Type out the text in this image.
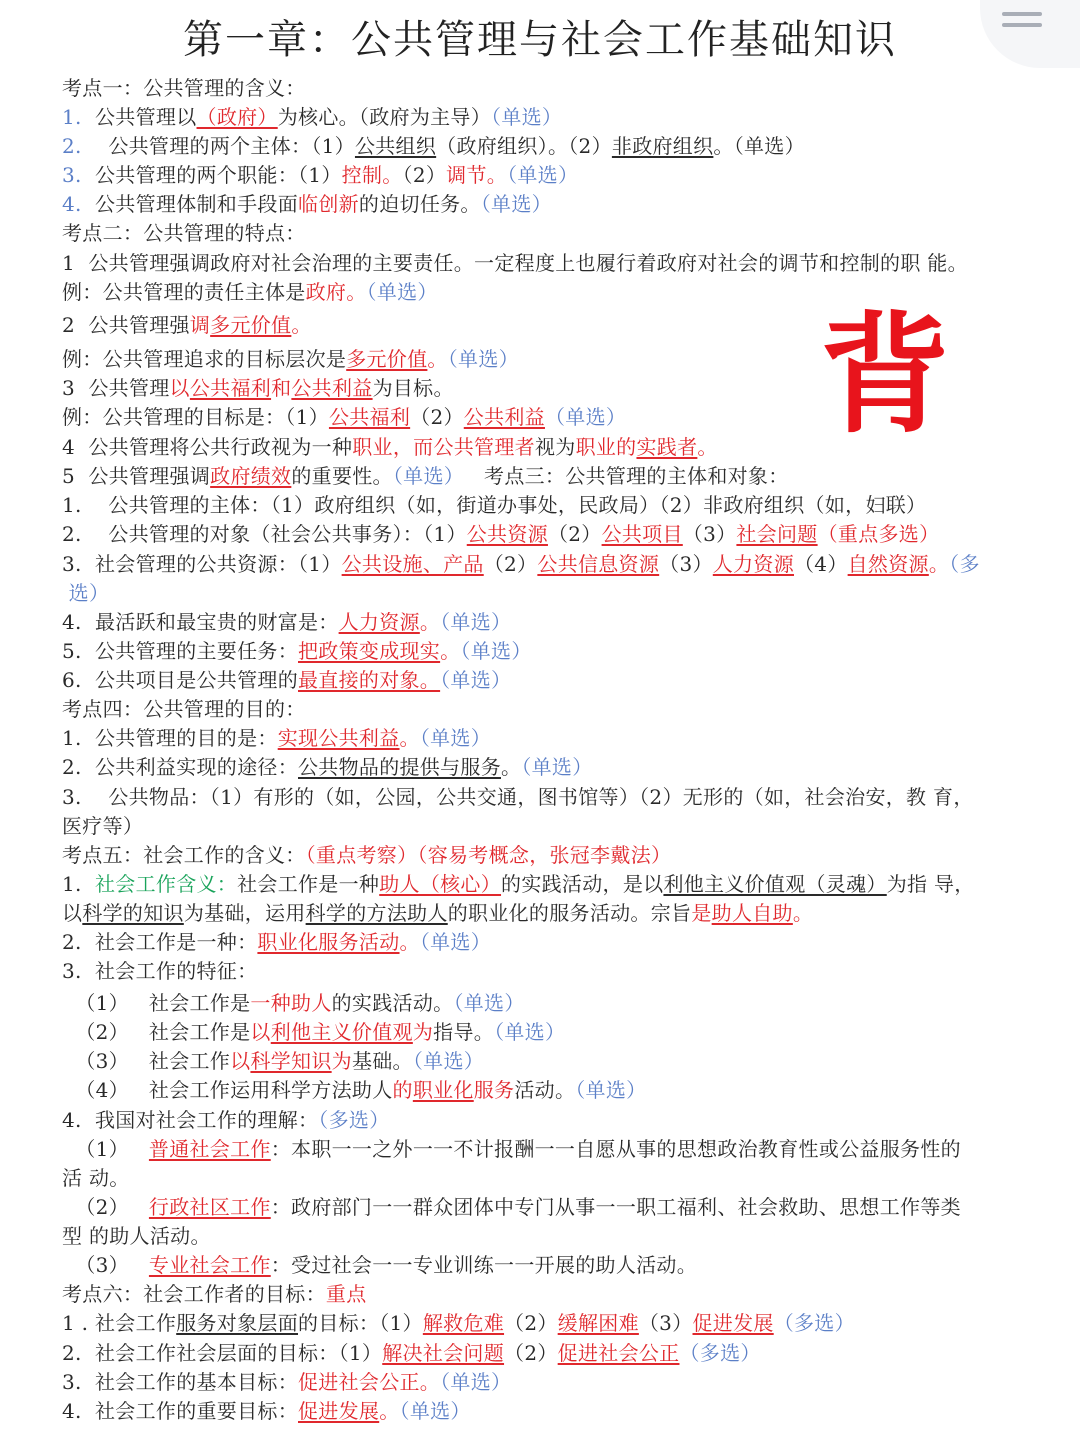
第一章：公共管理与社会工作基础知识
考点一：公共管理的含义：
1.  公共管理以（政府）为核心。（政府为主导）（单选）
2.    公共管理的两个主体：（1）公共组织（政府组织）。（2）非政府组织。（单选）
3.  公共管理的两个职能：（1）控制。（2）调节。（单选）
4.  公共管理体制和手段面临创新的迫切任务。（单选）
考点二：公共管理的特点：
1  公共管理强调政府对社会治理的主要责任。一定程度上也履行着政府对社会的调节和控制的职 能。
例：公共管理的责任主体是政府。（单选）
2  公共管理强调多元价值。
例：公共管理追求的目标层次是多元价值。（单选）
3  公共管理以公共福利和公共利益为目标。
例：公共管理的目标是：（1）公共福利（2）公共利益（单选）
4  公共管理将公共行政视为一种职业，而公共管理者视为职业的实践者。
5  公共管理强调政府绩效的重要性。（单选）   考点三：公共管理的主体和对象：
1.    公共管理的主体：（1）政府组织（如，街道办事处，民政局）（2）非政府组织（如，妇联）
2.    公共管理的对象（社会公共事务）：（1）公共资源（2）公共项目（3）社会问题（重点多选）
3.  社会管理的公共资源：（1）公共设施、产品（2）公共信息资源（3）人力资源（4）自然资源。（多
选）
4.  最活跃和最宝贵的财富是：人力资源。（单选）
5.  公共管理的主要任务：把政策变成现实。（单选）
6.  公共项目是公共管理的最直接的对象。（单选）
考点四：公共管理的目的：
1.  公共管理的目的是：实现公共利益。（单选）
2.  公共利益实现的途径：公共物品的提供与服务。（单选）
3.    公共物品：（1）有形的（如，公园，公共交通，图书馆等）（2）无形的（如，社会治安，教 育，
医疗等）
考点五：社会工作的含义：（重点考察）（容易考概念，张冠李戴法）
1.  社会工作含义：社会工作是一种助人（核心）的实践活动，是以利他主义价值观（灵魂）为指 导，
以科学的知识为基础，运用科学的方法助人的职业化的服务活动。宗旨是助人自助。
2.  社会工作是一种：职业化服务活动。（单选）
3.  社会工作的特征：
（1）   社会工作是一种助人的实践活动。（单选）
（2）   社会工作是以利他主义价值观为指导。（单选）
（3）   社会工作以科学知识为基础。（单选）
（4）   社会工作运用科学方法助人的职业化服务活动。（单选）
4.  我国对社会工作的理解：（多选）
（1）   普通社会工作：本职一一之外一一不计报酬一一自愿从事的思想政治教育性或公益服务性的
活 动。
（2）   行政社区工作：政府部门一一群众团体中专门从事一一职工福利、社会救助、思想工作等类
型 的助人活动。
（3）   专业社会工作：受过社会一一专业训练一一开展的助人活动。
考点六：社会工作者的目标：重点
1 . 社会工作服务对象层面的目标：（1）解救危难（2）缓解困难（3）促进发展（多选）
2.  社会工作社会层面的目标：（1）解决社会问题（2）促进社会公正（多选）
3.  社会工作的基本目标：促进社会公正。（单选）
4.  社会工作的重要目标：促进发展。（单选）
背
